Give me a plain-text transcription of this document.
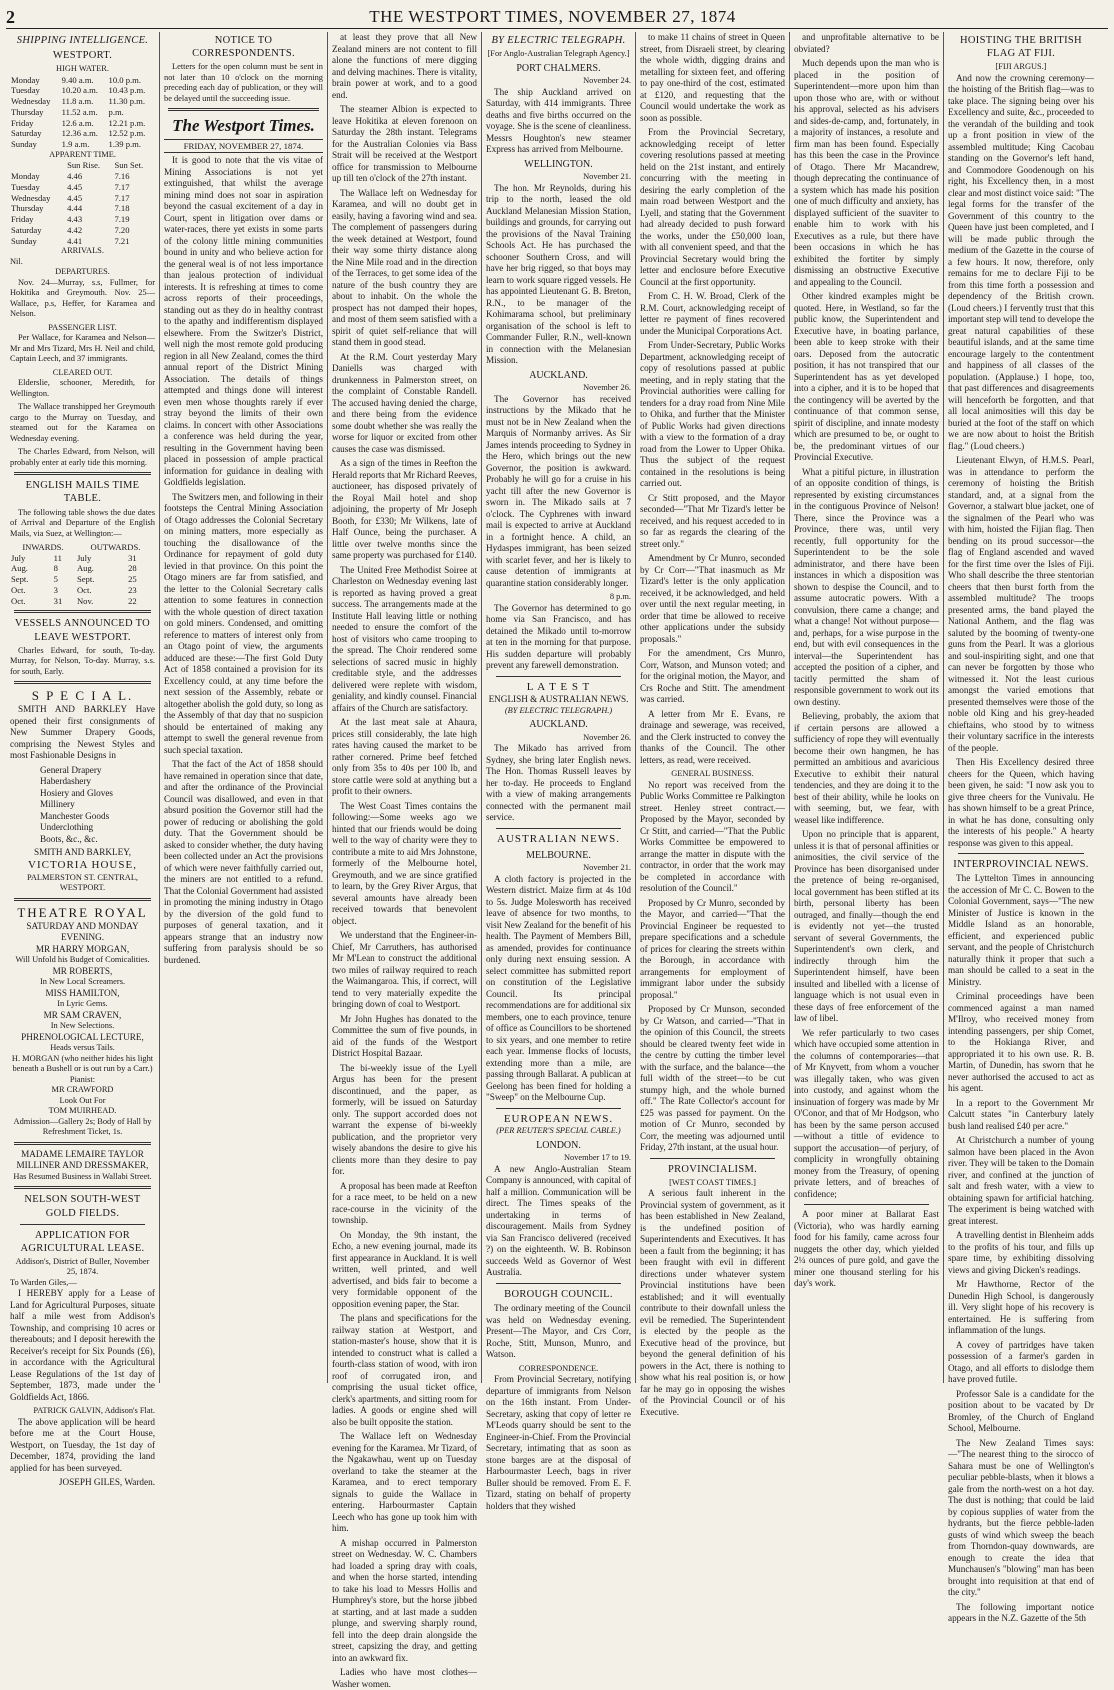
2	THE WESTPORT TIMES, NOVEMBER 27, 1874
SHIPPING INTELLIGENCE.
WESTPORT.
HIGH WATER.
Monday	9.40 a.m.	10.0 p.m.
Tuesday	10.20 a.m.	10.43 p.m.
Wednesday	11.8 a.m.	11.30 p.m.
Thursday	11.52 a.m.	p.m.
Friday	12.6 a.m.	12.21 p.m.
Saturday	12.36 a.m.	12.52 p.m.
Sunday	1.9 a.m.	1.39 p.m.
APPARENT TIME.
	Sun Rise.	Sun Set.
Monday	4.46	7.16
Tuesday	4.45	7.17
Wednesday	4.45	7.17
Thursday	4.44	7.18
Friday	4.43	7.19
Saturday	4.42	7.20
Sunday	4.41	7.21
ARRIVALS.
Nil.
DEPARTURES.

Nov. 24—Murray, s.s, Fullmer, for Hokitika and Greymouth. Nov. 25—Wallace, p.s, Heffer, for Karamea and Nelson.

PASSENGER LIST.

Per Wallace, for Karamea and Nelson—Mr and Mrs Tizard, Mrs H. Neil and child, Captain Leech, and 37 immigrants.

CLEARED OUT.

Elderslie, schooner, Meredith, for Wellington.

The Wallace transhipped her Greymouth cargo to the Murray on Tuesday, and steamed out for the Karamea on Wednesday evening.

The Charles Edward, from Nelson, will probably enter at early tide this morning.

ENGLISH MAILS TIME TABLE.

The following table shows the due dates of Arrival and Departure of the English Mails, via Suez, at Wellington:—

INWARDS.		OUTWARDS.	
July	11	July	31
Aug.	8	Aug.	28
Sept.	5	Sept.	25
Oct.	3	Oct.	23
Oct.	31	Nov.	22
VESSELS ANNOUNCED TO LEAVE WESTPORT.

Charles Edward, for south, To-day. Murray, for Nelson, To-day. Murray, s.s. for south, Early.

S P E C I A L.

SMITH AND BARKLEY Have opened their first consignments of New Summer Drapery Goods, comprising the Newest Styles and most Fashionable Designs in

General Drapery
Haberdashery
Hosiery and Gloves
Millinery
Manchester Goods
Underclothing
Boots, &c., &c.
SMITH AND BARKLEY,
VICTORIA HOUSE,
PALMERSTON ST. CENTRAL, WESTPORT.
THEATRE ROYAL
SATURDAY AND MONDAY EVENING.
MR HARRY MORGAN,
Will Unfold his Budget of Comicalities.
MR ROBERTS,
In New Local Screamers.
MISS HAMILTON,
In Lyric Gems.
MR SAM CRAVEN,
In New Selections.
PHRENOLOGICAL LECTURE,
Heads versus Tails.
H. MORGAN (who neither hides his light beneath a Bushell or is out run by a Carr.)
Pianist:
MR CRAWFORD
Look Out For
TOM MUIRHEAD.
Admission—Gallery 2s; Body of Hall by Refreshment Ticket, 1s.
MADAME LEMAIRE TAYLOR
MILLINER AND DRESSMAKER,
Has Resumed Business in Wallabi Street.
NELSON SOUTH-WEST GOLD FIELDS.
APPLICATION FOR AGRICULTURAL LEASE.
Addison's, District of Buller, November 25, 1874.
To Warden Giles,—

I HEREBY apply for a Lease of Land for Agricultural Purposes, situate half a mile west from Addison's Township, and comprising 10 acres or thereabouts; and I deposit herewith the Receiver's receipt for Six Pounds (£6), in accordance with the Agricultural Lease Regulations of the 1st day of September, 1873, made under the Goldfields Act, 1866.

PATRICK GALVIN, Addison's Flat.

The above application will be heard before me at the Court House, Westport, on Tuesday, the 1st day of December, 1874, providing the land applied for has been surveyed.

JOSEPH GILES, Warden.
NOTICE TO CORRESPONDENTS.

Letters for the open column must be sent in not later than 10 o'clock on the morning preceding each day of publication, or they will be delayed until the succeeding issue.

The Westport Times.
FRIDAY, NOVEMBER 27, 1874.

It is good to note that the vis vitae of Mining Associations is not yet extinguished, that whilst the average mining mind does not soar in aspiration beyond the casual excitement of a day in Court, spent in litigation over dams or water-races, there yet exists in some parts of the colony little mining communities bound in unity and who believe action for the general weal is of not less importance than jealous protection of individual interests. It is refreshing at times to come across reports of their proceedings, standing out as they do in healthy contrast to the apathy and indifferentism displayed elsewhere. From the Switzer's District, well nigh the most remote gold producing region in all New Zealand, comes the third annual report of the District Mining Association. The details of things attempted and things done will interest even men whose thoughts rarely if ever stray beyond the limits of their own claims. In concert with other Associations a conference was held during the year, resulting in the Government having been placed in possession of ample practical information for guidance in dealing with Goldfields legislation.

The Switzers men, and following in their footsteps the Central Mining Association of Otago addresses the Colonial Secretary on mining matters, more especially as touching the disallowance of the Ordinance for repayment of gold duty levied in that province. On this point the Otago miners are far from satisfied, and the letter to the Colonial Secretary calls attention to some features in connection with the whole question of direct taxation on gold miners. Condensed, and omitting reference to matters of interest only from an Otago point of view, the arguments adduced are these:—The first Gold Duty Act of 1858 contained a provision for its Excellency could, at any time before the next session of the Assembly, rebate or altogether abolish the gold duty, so long as the Assembly of that day that no suspicion should be entertained of making any attempt to swell the general revenue from such special taxation.

That the fact of the Act of 1858 should have remained in operation since that date, and after the ordinance of the Provincial Council was disallowed, and even in that absurd position the Governor still had the power of reducing or abolishing the gold duty. That the Government should be asked to consider whether, the duty having been collected under an Act the provisions of which were never faithfully carried out, the miners are not entitled to a refund. That the Colonial Government had assisted in promoting the mining industry in Otago by the diversion of the gold fund to purposes of general taxation, and it appears strange that an industry now suffering from paralysis should be so burdened.

at least they prove that all New Zealand miners are not content to fill alone the functions of mere digging and delving machines. There is vitality, brain power at work, and to a good end.

The steamer Albion is expected to leave Hokitika at eleven forenoon on Saturday the 28th instant. Telegrams for the Australian Colonies via Bass Strait will be received at the Westport office for transmission to Melbourne up till ten o'clock of the 27th instant.

The Wallace left on Wednesday for Karamea, and will no doubt get in easily, having a favoring wind and sea. The complement of passengers during the week detained at Westport, found their way some thirty distance along the Nine Mile road and in the direction of the Terraces, to get some idea of the nature of the bush country they are about to inhabit. On the whole the prospect has not damped their hopes, and most of them seem satisfied with a spirit of quiet self-reliance that will stand them in good stead.

At the R.M. Court yesterday Mary Daniells was charged with drunkenness in Palmerston street, on the complaint of Constable Randell. The accused having denied the charge, and there being from the evidence some doubt whether she was really the worse for liquor or excited from other causes the case was dismissed.

As a sign of the times in Reefton the Herald reports that Mr Richard Reeves, auctioneer, has disposed privately of the Royal Mail hotel and shop adjoining, the property of Mr Joseph Booth, for £330; Mr Wilkens, late of Half Ounce, being the purchaser. A little over twelve months since the same property was purchased for £140.

The United Free Methodist Soiree at Charleston on Wednesday evening last is reported as having proved a great success. The arrangements made at the Institute Hall leaving little or nothing needed to ensure the comfort of the host of visitors who came trooping to the spread. The Choir rendered some selections of sacred music in highly creditable style, and the addresses delivered were replete with wisdom, geniality, and kindly counsel. Financial affairs of the Church are satisfactory.

At the last meat sale at Ahaura, prices still considerably, the late high rates having caused the market to be rather cornered. Prime beef fetched only from 35s to 40s per 100 lb, and store cattle were sold at anything but a profit to their owners.

The West Coast Times contains the following:—Some weeks ago we hinted that our friends would be doing well to the way of charity were they to contribute a mite to aid Mrs Johnstone, formerly of the Melbourne hotel, Greymouth, and we are since gratified to learn, by the Grey River Argus, that several amounts have already been received towards that benevolent object.

We understand that the Engineer-in-Chief, Mr Carruthers, has authorised Mr M'Lean to construct the additional two miles of railway required to reach the Waimangaroa. This, if correct, will tend to very materially expedite the bringing down of coal to Westport.

Mr John Hughes has donated to the Committee the sum of five pounds, in aid of the funds of the Westport District Hospital Bazaar.

The bi-weekly issue of the Lyell Argus has been for the present discontinued, and the paper, as formerly, will be issued on Saturday only. The support accorded does not warrant the expense of bi-weekly publication, and the proprietor very wisely abandons the desire to give his clients more than they desire to pay for.

A proposal has been made at Reefton for a race meet, to be held on a new race-course in the vicinity of the township.

On Monday, the 9th instant, the Echo, a new evening journal, made its first appearance in Auckland. It is well written, well printed, and well advertised, and bids fair to become a very formidable opponent of the opposition evening paper, the Star.

The plans and specifications for the railway station at Westport, and station-master's house, show that it is intended to construct what is called a fourth-class station of wood, with iron roof of corrugated iron, and comprising the usual ticket office, clerk's apartments, and sitting room for ladies. A goods or engine shed will also be built opposite the station.

The Wallace left on Wednesday evening for the Karamea. Mr Tizard, of the Ngakawhau, went up on Tuesday overland to take the steamer at the Karamea, and to erect temporary signals to guide the Wallace in entering. Harbourmaster Captain Leech who has gone up took him with him.

A mishap occurred in Palmerston street on Wednesday. W. C. Chambers had loaded a spring dray with coals, and when the horse started, intending to take his load to Messrs Hollis and Humphrey's store, but the horse jibbed at starting, and at last made a sudden plunge, and swerving sharply round, fell into the deep drain alongside the street, capsizing the dray, and getting into an awkward fix.

Ladies who have most clothes—Washer women.

BY ELECTRIC TELEGRAPH.
[For Anglo-Australian Telegraph Agency.]
PORT CHALMERS.
November 24.

The ship Auckland arrived on Saturday, with 414 immigrants. Three deaths and five births occurred on the voyage. She is the scene of cleanliness. Messrs Houghton's new steamer Express has arrived from Melbourne.

WELLINGTON.
November 21.

The hon. Mr Reynolds, during his trip to the north, leased the old Auckland Melanesian Mission Station, buildings and grounds, for carrying out the provisions of the Naval Training Schools Act. He has purchased the schooner Southern Cross, and will have her brig rigged, so that boys may learn to work square rigged vessels. He has appointed Lieutenant G. B. Breton, R.N., to be manager of the Kohimarama school, but preliminary organisation of the school is left to Commander Fuller, R.N., well-known in connection with the Melanesian Mission.

AUCKLAND.
November 26.

The Governor has received instructions by the Mikado that he must not be in New Zealand when the Marquis of Normanby arrives. As Sir James intends proceeding to Sydney in the Hero, which brings out the new Governor, the position is awkward. Probably he will go for a cruise in his yacht till after the new Governor is sworn in. The Mikado sails at 7 o'clock. The Cyphrenes with inward mail is expected to arrive at Auckland in a fortnight hence. A child, an Hydaspes immigrant, has been seized with scarlet fever, and her is likely to cause detention of immigrants at quarantine station considerably longer.

8 p.m.

The Governor has determined to go home via San Francisco, and has detained the Mikado until to-morrow at ten in the morning for that purpose. His sudden departure will probably prevent any farewell demonstration.

L A T E S T
ENGLISH & AUSTRALIAN NEWS.
(BY ELECTRIC TELEGRAPH.)
AUCKLAND.
November 26.

The Mikado has arrived from Sydney, she bring later English news. The Hon. Thomas Russell leaves by her to-day. He proceeds to England with a view of making arrangements connected with the permanent mail service.

AUSTRALIAN NEWS.
MELBOURNE.
November 21.

A cloth factory is projected in the Western district. Maize firm at 4s 10d to 5s. Judge Molesworth has received leave of absence for two months, to visit New Zealand for the benefit of his health. The Payment of Members Bill, as amended, provides for continuance only during next ensuing session. A select committee has submitted report on constitution of the Legislative Council. Its principal recommendations are for additional six members, one to each province, tenure of office as Councillors to be shortened to six years, and one member to retire each year. Immense flocks of locusts, extending more than a mile, are passing through Ballarat. A publican at Geelong has been fined for holding a "Sweep" on the Melbourne Cup.

EUROPEAN NEWS.
(PER REUTER'S SPECIAL CABLE.)
LONDON.
November 17 to 19.

A new Anglo-Australian Steam Company is announced, with capital of half a million. Communication will be direct. The Times speaks of the undertaking in terms of discouragement. Mails from Sydney via San Francisco delivered (received ?) on the eighteenth. W. B. Robinson succeeds Weld as Governor of West Australia.

BOROUGH COUNCIL.

The ordinary meeting of the Council was held on Wednesday evening. Present—The Mayor, and Crs Corr, Roche, Stitt, Munson, Munro, and Watson.

CORRESPONDENCE.

From Provincial Secretary, notifying departure of immigrants from Nelson on the 16th instant. From Under-Secretary, asking that copy of letter re M'Leods quarry should be sent to the Engineer-in-Chief. From the Provincial Secretary, intimating that as soon as stone barges are at the disposal of Harbourmaster Leech, bags in river Buller should be removed. From E. F. Tizard, stating on behalf of property holders that they wished

to make 11 chains of street in Queen street, from Disraeli street, by clearing the whole width, digging drains and metalling for sixteen feet, and offering to pay one-third of the cost, estimated at £120, and requesting that the Council would undertake the work as soon as possible.

From the Provincial Secretary, acknowledging receipt of letter covering resolutions passed at meeting held on the 21st instant, and entirely concurring with the meeting in desiring the early completion of the main road between Westport and the Lyell, and stating that the Government had already decided to push forward the works, under the £50,000 loan, with all convenient speed, and that the Provincial Secretary would bring the letter and enclosure before Executive Council at the first opportunity.

From C. H. W. Broad, Clerk of the R.M. Court, acknowledging receipt of letter re payment of fines recovered under the Municipal Corporations Act.

From Under-Secretary, Public Works Department, acknowledging receipt of copy of resolutions passed at public meeting, and in reply stating that the Provincial authorities were calling for tenders for a dray road from Nine Mile to Ohika, and further that the Minister of Public Works had given directions with a view to the formation of a dray road from the Lower to Upper Ohika. Thus the subject of the request contained in the resolutions is being carried out.

Cr Stitt proposed, and the Mayor seconded—"That Mr Tizard's letter be received, and his request acceded to in so far as regards the clearing of the street only."

Amendment by Cr Munro, seconded by Cr Corr—"That inasmuch as Mr Tizard's letter is the only application received, it be acknowledged, and held over until the next regular meeting, in order that time be allowed to receive other applications under the subsidy proposals."

For the amendment, Crs Munro, Corr, Watson, and Munson voted; and for the original motion, the Mayor, and Crs Roche and Stitt. The amendment was carried.

A letter from Mr E. Evans, re drainage and sewerage, was received, and the Clerk instructed to convey the thanks of the Council. The other letters, as read, were received.

GENERAL BUSINESS.

No report was received from the Public Works Committee re Palkington street. Henley street contract.—Proposed by the Mayor, seconded by Cr Stitt, and carried—"That the Public Works Committee be empowered to arrange the matter in dispute with the contractor, in order that the work may be completed in accordance with resolution of the Council."

Proposed by Cr Munro, seconded by the Mayor, and carried—"That the Provincial Engineer be requested to prepare specifications and a schedule of prices for clearing the streets within the Borough, in accordance with arrangements for employment of immigrant labor under the subsidy proposal."

Proposed by Cr Munson, seconded by Cr Watson, and carried—"That in the opinion of this Council, the streets should be cleared twenty feet wide in the centre by cutting the timber level with the surface, and the balance—the full width of the street—to be cut stumpy high, and the whole burned off." The Rate Collector's account for £25 was passed for payment. On the motion of Cr Munro, seconded by Corr, the meeting was adjourned until Friday, 27th instant, at the usual hour.

PROVINCIALISM.
[WEST COAST TIMES.]

A serious fault inherent in the Provincial system of government, as it has been established in New Zealand, is the undefined position of Superintendents and Executives. It has been a fault from the beginning; it has been fraught with evil in different directions under whatever system Provincial institutions have been established; and it will eventually contribute to their downfall unless the evil be remedied. The Superintendent is elected by the people as the Executive head of the province, but beyond the general definition of his powers in the Act, there is nothing to show what his real position is, or how far he may go in opposing the wishes of the Provincial Council or of his Executive.

and unprofitable alternative to be obviated?

Much depends upon the man who is placed in the position of Superintendent—more upon him than upon those who are, with or without his approval, selected as his advisers and sides-de-camp, and, fortunately, in a majority of instances, a resolute and firm man has been found. Especially has this been the case in the Province of Otago. There Mr Macandrew, though deprecating the continuance of a system which has made his position one of much difficulty and anxiety, has displayed sufficient of the suaviter to enable him to work with his Executives as a rule, but there have been occasions in which he has exhibited the fortiter by simply dismissing an obstructive Executive and appealing to the Council.

Other kindred examples might be quoted. Here, in Westland, so far the public know, the Superintendent and Executive have, in boating parlance, been able to keep stroke with their oars. Deposed from the autocratic position, it has not transpired that our Superintendent has as yet developed into a cipher, and it is to be hoped that the contingency will be averted by the continuance of that common sense, spirit of discipline, and innate modesty which are presumed to be, or ought to be, the predominant virtues of our Provincial Executive.

What a pitiful picture, in illustration of an opposite condition of things, is represented by existing circumstances in the contiguous Province of Nelson! There, since the Province was a Province, there was, until very recently, full opportunity for the Superintendent to be the sole administrator, and there have been instances in which a disposition was shown to despise the Council, and to assume autocratic powers. With a convulsion, there came a change; and what a change! Not without purpose—and, perhaps, for a wise purpose in the end, but with evil consequences in the interval—the Superintendent has accepted the position of a cipher, and tacitly permitted the sham of responsible government to work out its own destiny.

Believing, probably, the axiom that if certain persons are allowed a sufficiency of rope they will eventually become their own hangmen, he has permitted an ambitious and avaricious Executive to exhibit their natural tendencies, and they are doing it to the best of their ability, while he looks on with seeming, but, we fear, with weasel like indifference.

Upon no principle that is apparent, unless it is that of personal affinities or animosities, the civil service of the Province has been disorganised under the pretence of being re-organised, local government has been stifled at its birth, personal liberty has been outraged, and finally—though the end is evidently not yet—the trusted servant of several Governments, the Superintendent's own clerk, and indirectly through him the Superintendent himself, have been insulted and libelled with a license of language which is not usual even in these days of free enforcement of the law of libel.

We refer particularly to two cases which have occupied some attention in the columns of contemporaries—that of Mr Knyvett, from whom a voucher was illegally taken, who was given into custody, and against whom the insinuation of forgery was made by Mr O'Conor, and that of Mr Hodgson, who has been by the same person accused—without a tittle of evidence to support the accusation—of perjury, of complicity in wrongfully obtaining money from the Treasury, of opening private letters, and of breaches of confidence;

A poor miner at Ballarat East (Victoria), who was hardly earning food for his family, came across four nuggets the other day, which yielded 2¼ ounces of pure gold, and gave the miner one thousand sterling for his day's work.

HOISTING THE BRITISH FLAG AT FIJI.
[FIJI ARGUS.]

And now the crowning ceremony—the hoisting of the British flag—was to take place. The signing being over his Excellency and suite, &c., proceeded to the verandah of the building and took up a front position in view of the assembled multitude; King Cacobau standing on the Governor's left hand, and Commodore Goodenough on his right, his Excellency then, in a most clear and most distinct voice said: "The legal forms for the transfer of the Government of this country to the Queen have just been completed, and I will be made public through the medium of the Gazette in the course of a few hours. It now, therefore, only remains for me to declare Fiji to be from this time forth a possession and dependency of the British crown. (Loud cheers.) I fervently trust that this important step will tend to develope the great natural capabilities of these beautiful islands, and at the same time encourage largely to the contentment and happiness of all classes of the population. (Applause.) I hope, too, that past differences and disagreements will henceforth be forgotten, and that all local animosities will this day be buried at the foot of the staff on which we are now about to hoist the British flag." (Loud cheers.)

Lieutenant Elwyn, of H.M.S. Pearl, was in attendance to perform the ceremony of hoisting the British standard, and, at a signal from the Governor, a stalwart blue jacket, one of the signalmen of the Pearl who was with him, hoisted the Fijian flag. Then bending on its proud successor—the flag of England ascended and waved for the first time over the Isles of Fiji. Who shall describe the three stentorian cheers that then burst forth from the assembled multitude? The troops presented arms, the band played the National Anthem, and the flag was saluted by the booming of twenty-one guns from the Pearl. It was a glorious and soul-inspiriting sight, and one that can never be forgotten by those who witnessed it. Not the least curious amongst the varied emotions that presented themselves were those of the noble old King and his grey-headed chieftains, who stood by to witness their voluntary sacrifice in the interests of the people.

Then His Excellency desired three cheers for the Queen, which having been given, he said: "I now ask you to give three cheers for the Vunivalu. He has shown himself to be a great Prince, in what he has done, consulting only the interests of his people." A hearty response was given to this appeal.

INTERPROVINCIAL NEWS.

The Lyttelton Times in announcing the accession of Mr C. C. Bowen to the Colonial Government, says—"The new Minister of Justice is known in the Middle Island as an honorable, efficient, and experienced public servant, and the people of Christchurch naturally think it proper that such a man should be called to a seat in the Ministry.

Criminal proceedings have been commenced against a man named M'Ilroy, who received money from intending passengers, per ship Comet, to the Hokianga River, and appropriated it to his own use. R. B. Martin, of Dunedin, has sworn that he never authorised the accused to act as his agent.

In a report to the Government Mr Calcutt states "in Canterbury lately bush land realised £40 per acre."

At Christchurch a number of young salmon have been placed in the Avon river. They will be taken to the Domain river, and confined at the junction of salt and fresh water, with a view to obtaining spawn for artificial hatching. The experiment is being watched with great interest.

A travelling dentist in Blenheim adds to the profits of his tour, and fills up spare time, by exhibiting dissolving views and giving Dicken's readings.

Mr Hawthorne, Rector of the Dunedin High School, is dangerously ill. Very slight hope of his recovery is entertained. He is suffering from inflammation of the lungs.

A covey of partridges have taken possession of a farmer's garden in Otago, and all efforts to dislodge them have proved futile.

Professor Sale is a candidate for the position about to be vacated by Dr Bromley, of the Church of England School, Melbourne.

The New Zealand Times says:—"The nearest thing to the sirocco of Sahara must be one of Wellington's peculiar pebble-blasts, when it blows a gale from the north-west on a hot day. The dust is nothing; that could be laid by copious supplies of water from the hydrants, but the fierce pebble-laden gusts of wind which sweep the beach from Thorndon-quay downwards, are enough to create the idea that Munchausen's "blowing" man has been brought into requisition at that end of the city."

The following important notice appears in the N.Z. Gazette of the 5th
